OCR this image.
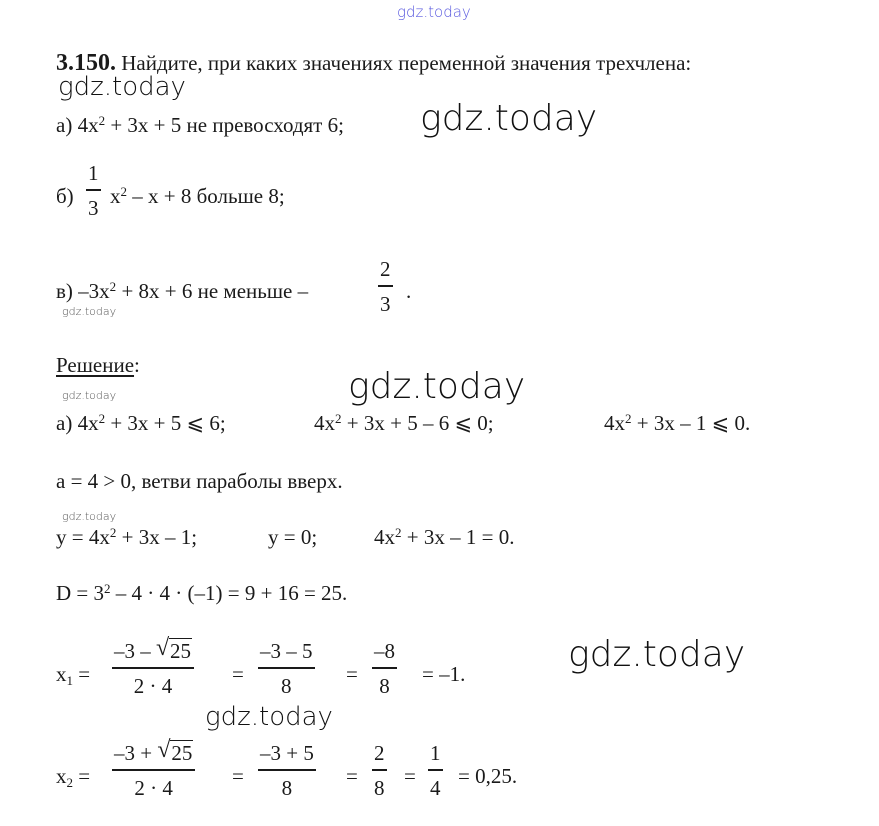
gdz.today
gdz.today
gdz.today
gdz.today
gdz.today
gdz.today
gdz.today
gdz.today
gdz.today
3.150. Найдите, при каких значениях переменной значения трехчлена:
а) $4x^2 + 3x + 5$ не превосходят 6;
б)
1
3 $x^2 - x + 8$ больше 8;
в) $-3x^2 + 8x + 6$ не меньше –
2
3
.
Решение:
а) $4x^2 + 3x + 5$ ⩽ 6;	$4x^2 + 3x + 5 - 6$ ⩽ 0;	$4x^2 + 3x - 1$ ⩽ 0.
a = 4 > 0, ветви параболы вверх.
$y = 4x^2 + 3x - 1$;	y = 0;	$4x^2 + 3x - 1 = 0$.
$D = 3^2 - 4 \cdot 4 \cdot (-1) = 9 + 16 = 25$.
$x_1$ =
–3 – √ 25
2 · 4	=
–3 – 5
8	=
–8
8 = –1.
$x_2$ =
–3 + √ 25
2 · 4	=
–3 + 5
8	=
2
8 =
1
4 = 0,25.
